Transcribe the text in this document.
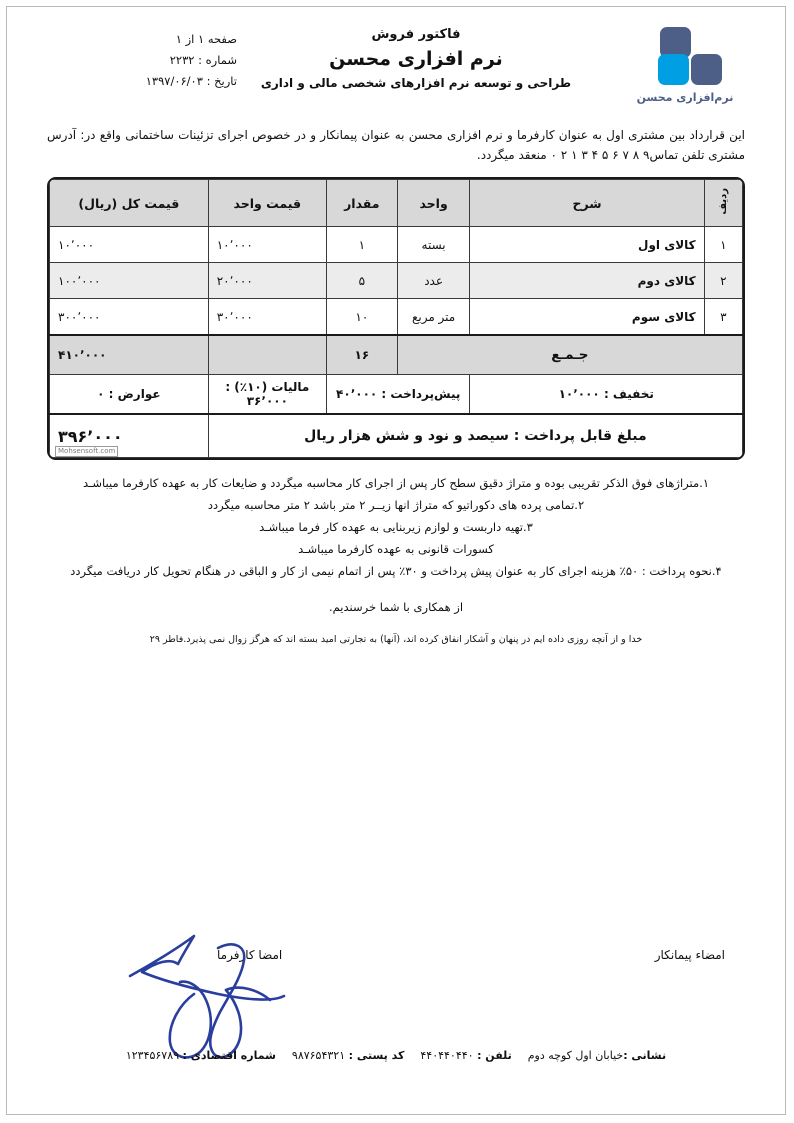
نرم‌افزاری محسن
فاکتور فروش
نرم افزاری محسن
طراحی و توسعه نرم افزارهای شخصی مالی و اداری
صفحه ۱ از ۱
شماره : ۲۲۳۲
تاریخ : ۱۳۹۷/۰۶/۰۳
این قرارداد بین مشتری اول به عنوان کارفرما و نرم افزاری محسن به عنوان پیمانکار و در خصوص اجرای تزئینات ساختمانی واقع در: آدرس مشتری تلفن تماس۹ ۸ ۷ ۶ ۵ ۴ ۳ ۱ ۲ ۰ منعقد میگردد.
ردیف	شرح	واحد	مقدار	قیمت واحد	قیمت کل (ریال)
۱	کالای اول	بسته	۱	۱۰٬۰۰۰	۱۰٬۰۰۰
۲	کالای دوم	عدد	۵	۲۰٬۰۰۰	۱۰۰٬۰۰۰
۳	کالای سوم	متر مربع	۱۰	۳۰٬۰۰۰	۳۰۰٬۰۰۰
جـمـع			۱۶		۴۱۰٬۰۰۰
تخفیف : ۱۰٬۰۰۰		پیش‌پرداخت : ۴۰٬۰۰۰		مالیات (۱۰٪) : ۳۶٬۰۰۰	عوارض : ۰
مبلغ قابل پرداخت : سیصد و نود و شش هزار ریال					۳۹۶٬۰۰۰
Mohsensoft.com
۱.متراژهای فوق الذکر تقریبی بوده و متراژ دقیق سطح کار پس از اجرای کار محاسبه میگردد و ضایعات کار به عهده کارفرما میباشـد
۲.تمامی پرده های دکوراتیو که متراژ انها زیــر ۲ متر باشد ۲ متر محاسبه میگردد
۳.تهیه داربست و لوازم زیربنایی به عهده کار فرما میباشـد
کسورات قانونی به عهده کارفرما میباشـد
۴.نحوه پرداخت : ۵۰٪ هزینه اجرای کار به عنوان پیش پرداخت و ۳۰٪ پس از اتمام نیمی از کار و الباقی در هنگام تحویل کار دریافت میگردد
از همکاری با شما خرسندیم.
خدا و از آنچه روزی داده ایم در پنهان و آشکار انفاق کرده اند، (آنها) به تجارتی امید بسته اند که هرگز زوال نمی پذیرد.فاطر ۲۹
امضاء پیمانکار
امضا کارفرما
نشانی :خیابان اول کوچه دومتلفن : ۴۴۰۴۴۰۴۴۰کد پستی : ۹۸۷۶۵۴۳۲۱شماره اقتصادی : ۱۲۳۴۵۶۷۸۹
